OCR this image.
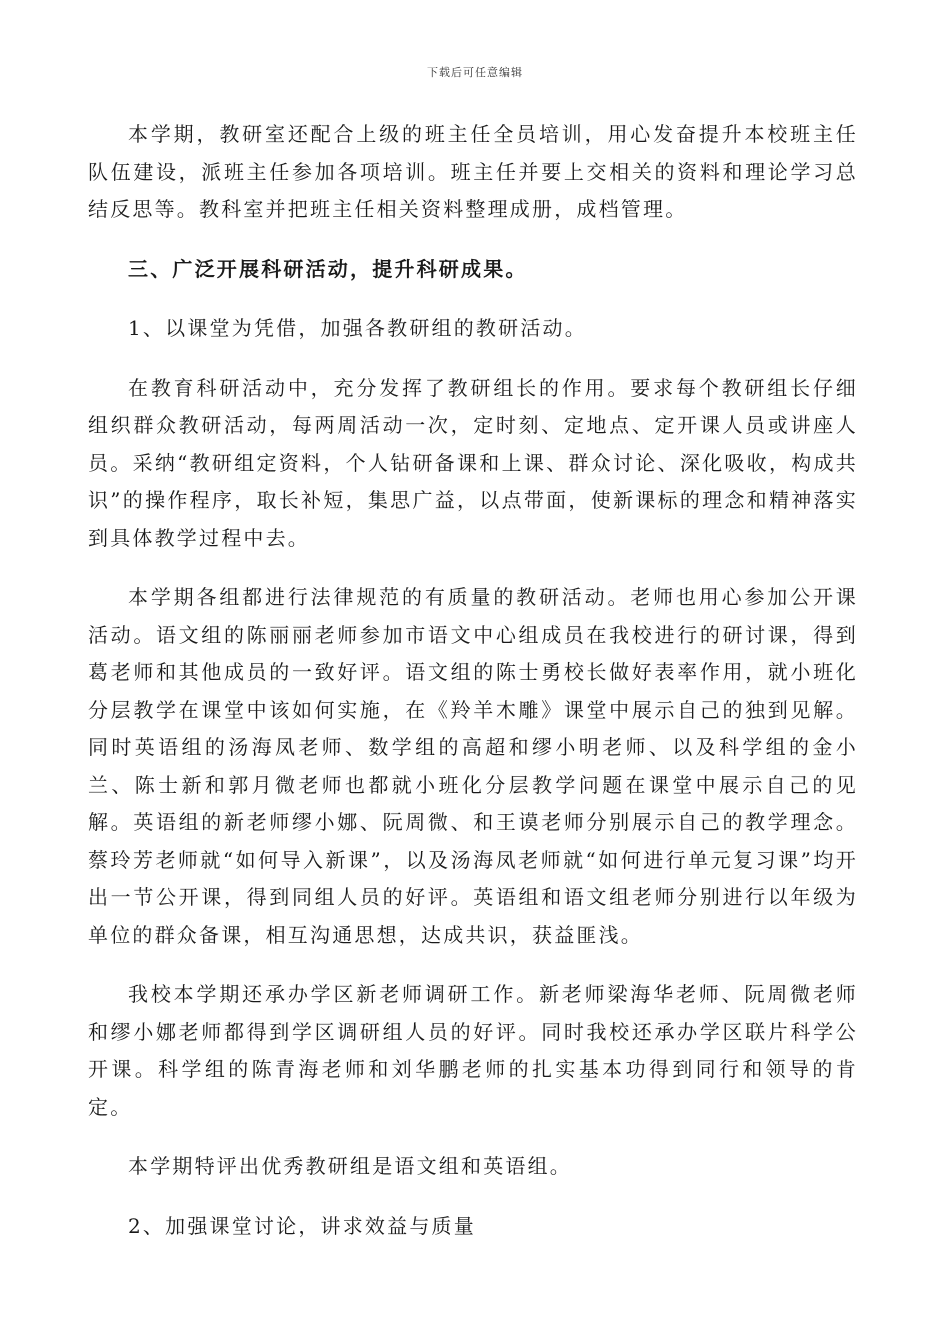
下载后可任意编辑

本学期，教研室还配合上级的班主任全员培训，用心发奋提升本校班主任队伍建设，派班主任参加各项培训。班主任并要上交相关的资料和理论学习总结反思等。教科室并把班主任相关资料整理成册，成档管理。

三、广泛开展科研活动，提升科研成果。

1、以课堂为凭借，加强各教研组的教研活动。

在教育科研活动中，充分发挥了教研组长的作用。要求每个教研组长仔细组织群众教研活动，每两周活动一次，定时刻、定地点、定开课人员或讲座人员。采纳“教研组定资料，个人钻研备课和上课、群众讨论、深化吸收，构成共识”的操作程序，取长补短，集思广益，以点带面，使新课标的理念和精神落实到具体教学过程中去。

本学期各组都进行法律规范的有质量的教研活动。老师也用心参加公开课活动。语文组的陈丽丽老师参加市语文中心组成员在我校进行的研讨课，得到葛老师和其他成员的一致好评。语文组的陈士勇校长做好表率作用，就小班化分层教学在课堂中该如何实施，在《羚羊木雕》课堂中展示自己的独到见解。同时英语组的汤海凤老师、数学组的高超和缪小明老师、以及科学组的金小兰、陈士新和郭月微老师也都就小班化分层教学问题在课堂中展示自己的见解。英语组的新老师缪小娜、阮周微、和王谟老师分别展示自己的教学理念。蔡玲芳老师就“如何导入新课”，以及汤海凤老师就“如何进行单元复习课”均开出一节公开课，得到同组人员的好评。英语组和语文组老师分别进行以年级为单位的群众备课，相互沟通思想，达成共识，获益匪浅。

我校本学期还承办学区新老师调研工作。新老师梁海华老师、阮周微老师和缪小娜老师都得到学区调研组人员的好评。同时我校还承办学区联片科学公开课。科学组的陈青海老师和刘华鹏老师的扎实基本功得到同行和领导的肯定。

本学期特评出优秀教研组是语文组和英语组。

2、加强课堂讨论，讲求效益与质量
